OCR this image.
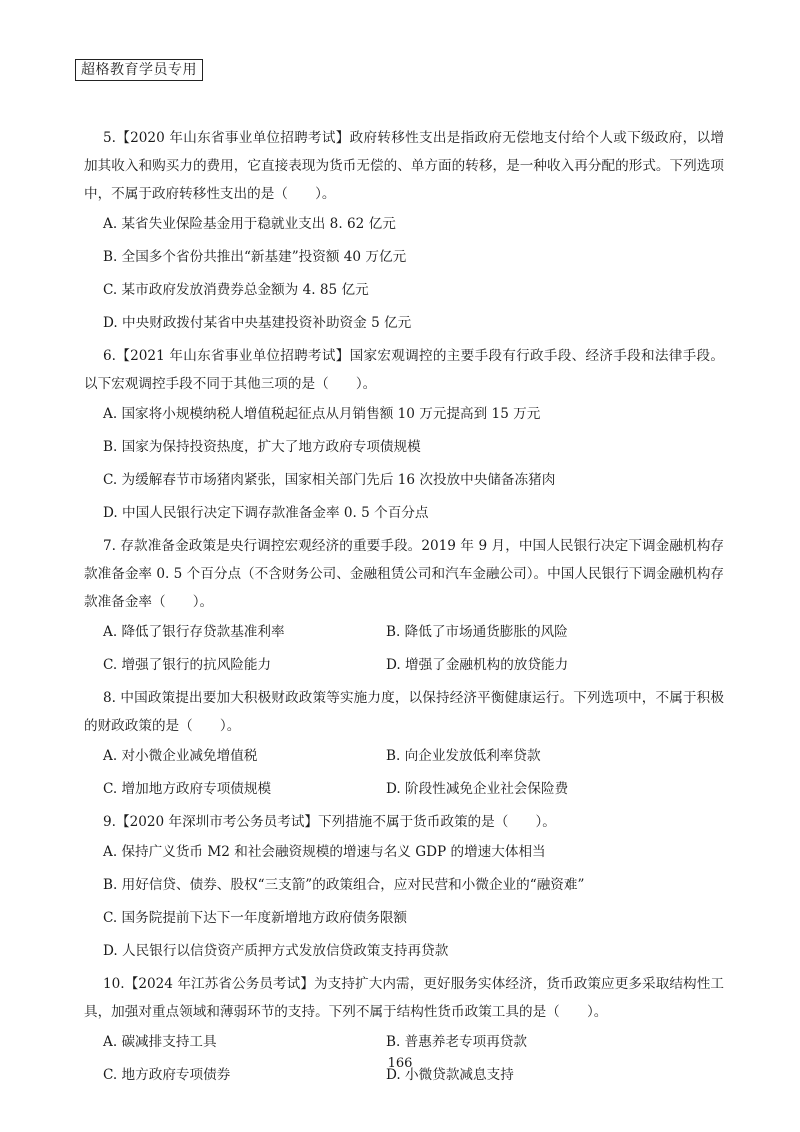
超格教育学员专用

5.【2020 年山东省事业单位招聘考试】政府转移性支出是指政府无偿地支付给个人或下级政府，以增加其收入和购买力的费用，它直接表现为货币无偿的、单方面的转移，是一种收入再分配的形式。下列选项中，不属于政府转移性支出的是（　　）。

A. 某省失业保险基金用于稳就业支出 8. 62 亿元

B. 全国多个省份共推出“新基建”投资额 40 万亿元

C. 某市政府发放消费券总金额为 4. 85 亿元

D. 中央财政拨付某省中央基建投资补助资金 5 亿元

6.【2021 年山东省事业单位招聘考试】国家宏观调控的主要手段有行政手段、经济手段和法律手段。以下宏观调控手段不同于其他三项的是（　　）。

A. 国家将小规模纳税人增值税起征点从月销售额 10 万元提高到 15 万元

B. 国家为保持投资热度，扩大了地方政府专项债规模

C. 为缓解春节市场猪肉紧张，国家相关部门先后 16 次投放中央储备冻猪肉

D. 中国人民银行决定下调存款准备金率 0. 5 个百分点

7. 存款准备金政策是央行调控宏观经济的重要手段。2019 年 9 月，中国人民银行决定下调金融机构存款准备金率 0. 5 个百分点（不含财务公司、金融租赁公司和汽车金融公司）。中国人民银行下调金融机构存款准备金率（　　）。

A. 降低了银行存贷款基准利率	B. 降低了市场通货膨胀的风险

C. 增强了银行的抗风险能力	D. 增强了金融机构的放贷能力

8. 中国政策提出要加大积极财政政策等实施力度，以保持经济平衡健康运行。下列选项中，不属于积极的财政政策的是（　　）。

A. 对小微企业减免增值税	B. 向企业发放低利率贷款

C. 增加地方政府专项债规模	D. 阶段性减免企业社会保险费

9.【2020 年深圳市考公务员考试】下列措施不属于货币政策的是（　　）。

A. 保持广义货币 M2 和社会融资规模的增速与名义 GDP 的增速大体相当

B. 用好信贷、债券、股权“三支箭”的政策组合，应对民营和小微企业的“融资难”

C. 国务院提前下达下一年度新增地方政府债务限额

D. 人民银行以信贷资产质押方式发放信贷政策支持再贷款

10.【2024 年江苏省公务员考试】为支持扩大内需，更好服务实体经济，货币政策应更多采取结构性工具，加强对重点领域和薄弱环节的支持。下列不属于结构性货币政策工具的是（　　）。

A. 碳减排支持工具	B. 普惠养老专项再贷款

C. 地方政府专项债券	D. 小微贷款减息支持

166
